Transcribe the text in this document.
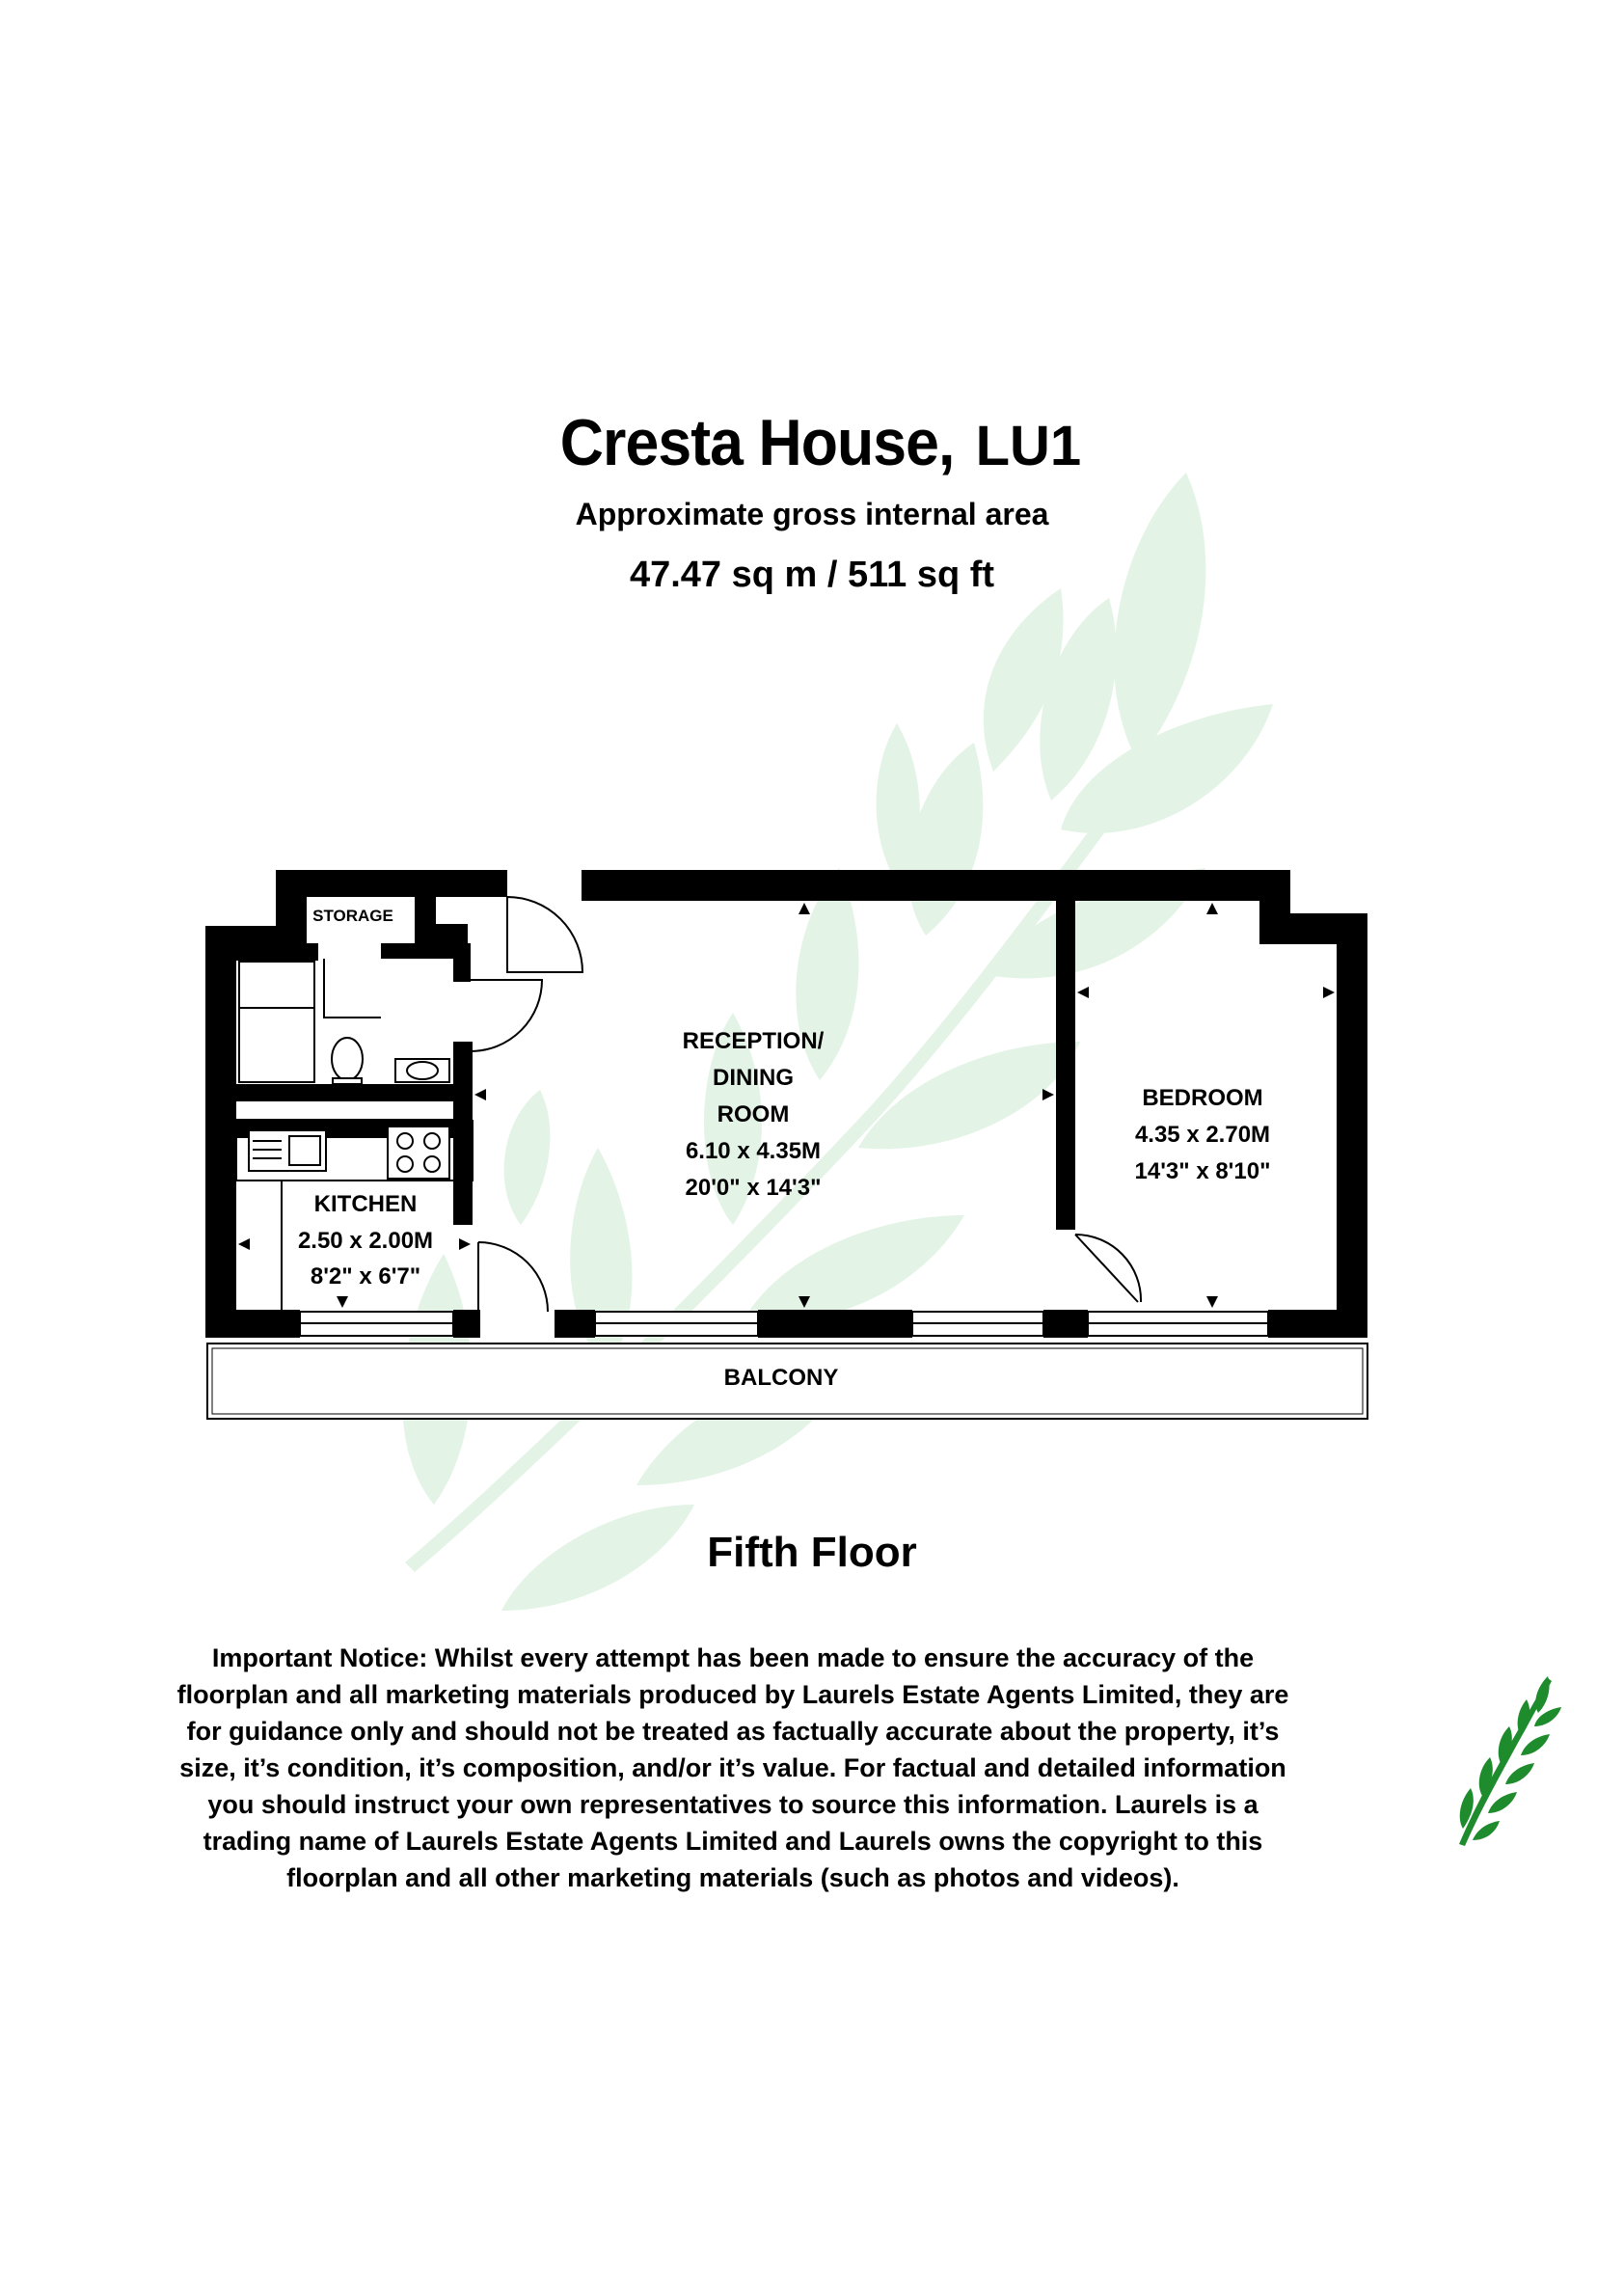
Cresta House, LU1
Approximate gross internal area
47.47 sq m / 511 sq ft
STORAGE
RECEPTION/
DINING
ROOM
6.10 x 4.35M
20'0" x 14'3"
BEDROOM
4.35 x 2.70M
14'3" x 8'10"
KITCHEN
2.50 x 2.00M
8'2" x 6'7"
BALCONY
Fifth Floor
Important Notice: Whilst every attempt has been made to ensure the accuracy of the floorplan and all marketing materials produced by Laurels Estate Agents Limited, they are for guidance only and should not be treated as factually accurate about the property, it’s size, it’s condition, it’s composition, and/or it’s value. For factual and detailed information you should instruct your own representatives to source this information. Laurels is a trading name of Laurels Estate Agents Limited and Laurels owns the copyright to this floorplan and all other marketing materials (such as photos and videos).
